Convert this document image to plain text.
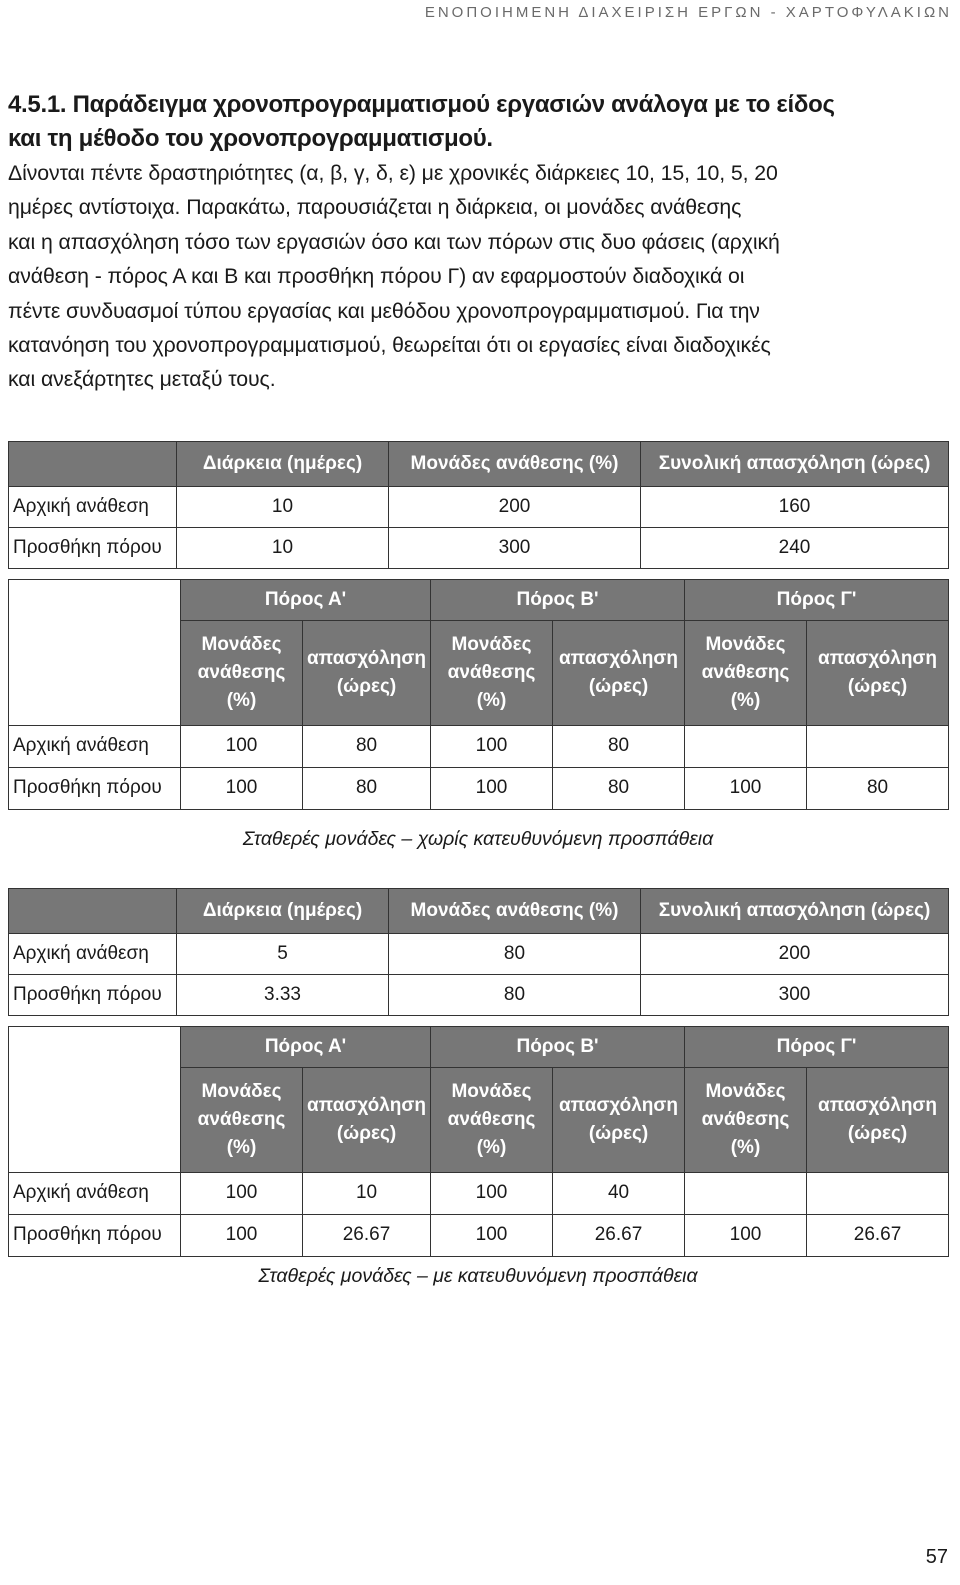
ΕΝΟΠΟΙΗΜΕΝΗ ΔΙΑΧΕΙΡΙΣΗ ΕΡΓΩΝ - ΧΑΡΤΟΦΥΛΑΚΙΩΝ

4.5.1. Παράδειγμα χρονοπρογραμματισμού εργασιών ανάλογα με το είδος
και τη μέθοδο του χρονοπρογραμματισμού.

Δίνονται πέντε δραστηριότητες (α, β, γ, δ, ε) με χρονικές διάρκειες 10, 15, 10, 5, 20
ημέρες αντίστοιχα. Παρακάτω, παρουσιάζεται η διάρκεια, οι μονάδες ανάθεσης
και η απασχόληση τόσο των εργασιών όσο και των πόρων στις δυο φάσεις (αρχική
ανάθεση - πόρος Α και Β και προσθήκη πόρου Γ) αν εφαρμοστούν διαδοχικά οι
πέντε συνδυασμοί τύπου εργασίας και μεθόδου χρονοπρογραμματισμού. Για την
κατανόηση του χρονοπρογραμματισμού, θεωρείται ότι οι εργασίες είναι διαδοχικές
και ανεξάρτητες μεταξύ τους.

	Διάρκεια (ημέρες)	Μονάδες ανάθεσης (%)	Συνολική απασχόληση (ώρες)
Αρχική ανάθεση	10	200	160
Προσθήκη πόρου	10	300	240
	Πόρος Α'		Πόρος Β'		Πόρος Γ'	
	Μονάδες
ανάθεσης
(%)	απασχόληση
(ώρες)	Μονάδες
ανάθεσης
(%)	απασχόληση
(ώρες)	Μονάδες
ανάθεσης
(%)	απασχόληση
(ώρες)
Αρχική ανάθεση	100	80	100	80		
Προσθήκη πόρου	100	80	100	80	100	80

Σταθερές μονάδες – χωρίς κατευθυνόμενη προσπάθεια

	Διάρκεια (ημέρες)	Μονάδες ανάθεσης (%)	Συνολική απασχόληση (ώρες)
Αρχική ανάθεση	5	80	200
Προσθήκη πόρου	3.33	80	300
	Πόρος Α'		Πόρος Β'		Πόρος Γ'	
	Μονάδες
ανάθεσης
(%)	απασχόληση
(ώρες)	Μονάδες
ανάθεσης
(%)	απασχόληση
(ώρες)	Μονάδες
ανάθεσης
(%)	απασχόληση
(ώρες)
Αρχική ανάθεση	100	10	100	40		
Προσθήκη πόρου	100	26.67	100	26.67	100	26.67

Σταθερές μονάδες – με κατευθυνόμενη προσπάθεια

57
